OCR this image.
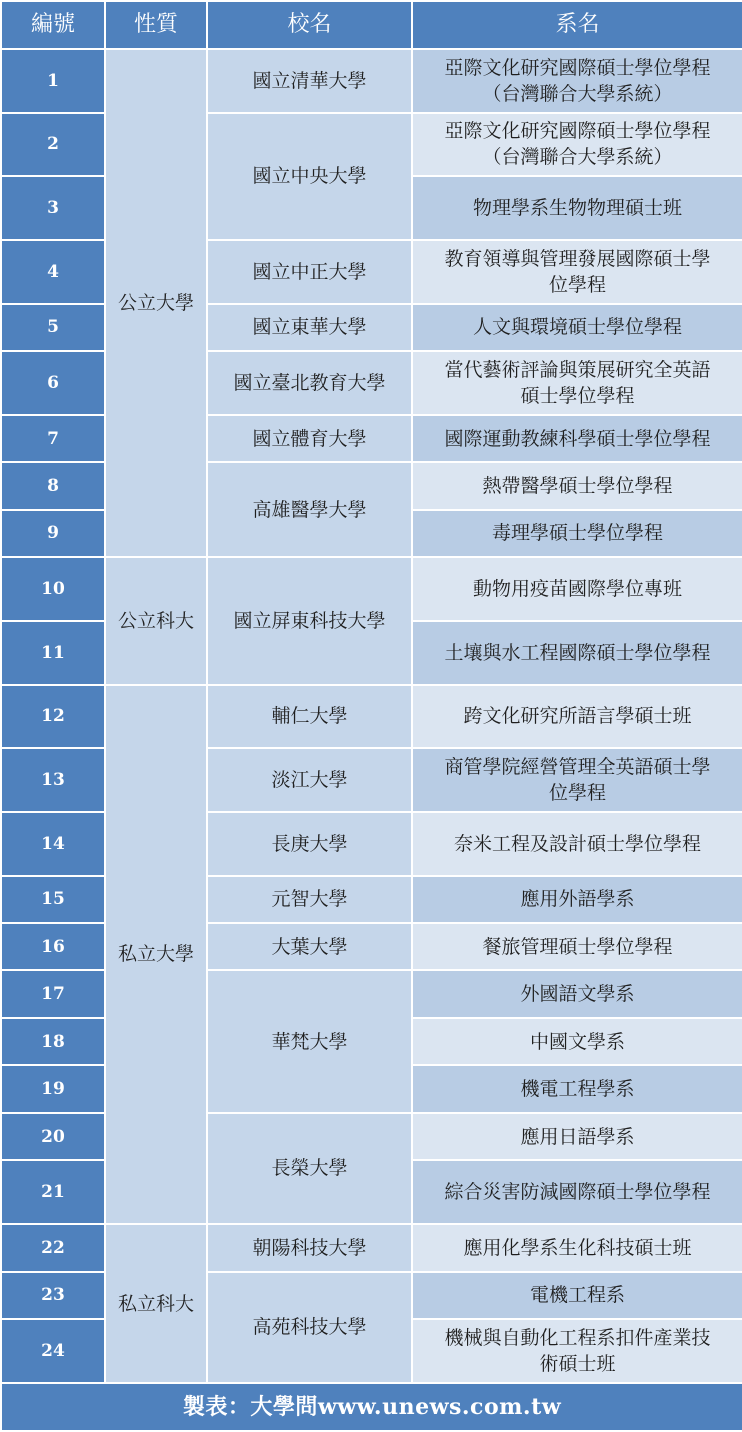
編號	性質	校名	系名
1	公立大學	國立清華大學	亞際文化研究國際碩士學位學程
（台灣聯合大學系統）

2		國立中央大學	亞際文化研究國際碩士學位學程
（台灣聯合大學系統）

3			物理學系生物物理碩士班

4		國立中正大學	教育領導與管理發展國際碩士學
位學程

5		國立東華大學	人文與環境碩士學位學程

6		國立臺北教育大學	當代藝術評論與策展研究全英語
碩士學位學程

7		國立體育大學	國際運動教練科學碩士學位學程

8		高雄醫學大學	熱帶醫學碩士學位學程

9			毒理學碩士學位學程

10	公立科大	國立屏東科技大學	動物用疫苗國際學位專班

11			土壤與水工程國際碩士學位學程

12	私立大學	輔仁大學	跨文化研究所語言學碩士班

13		淡江大學	商管學院經營管理全英語碩士學
位學程

14		長庚大學	奈米工程及設計碩士學位學程

15		元智大學	應用外語學系

16		大葉大學	餐旅管理碩士學位學程

17		華梵大學	外國語文學系

18			中國文學系

19			機電工程學系

20		長榮大學	應用日語學系

21			綜合災害防減國際碩士學位學程

22	私立科大	朝陽科技大學	應用化學系生化科技碩士班

23		高苑科技大學	電機工程系

24			機械與自動化工程系扣件產業技
術碩士班

製表：大學問www.unews.com.tw			
